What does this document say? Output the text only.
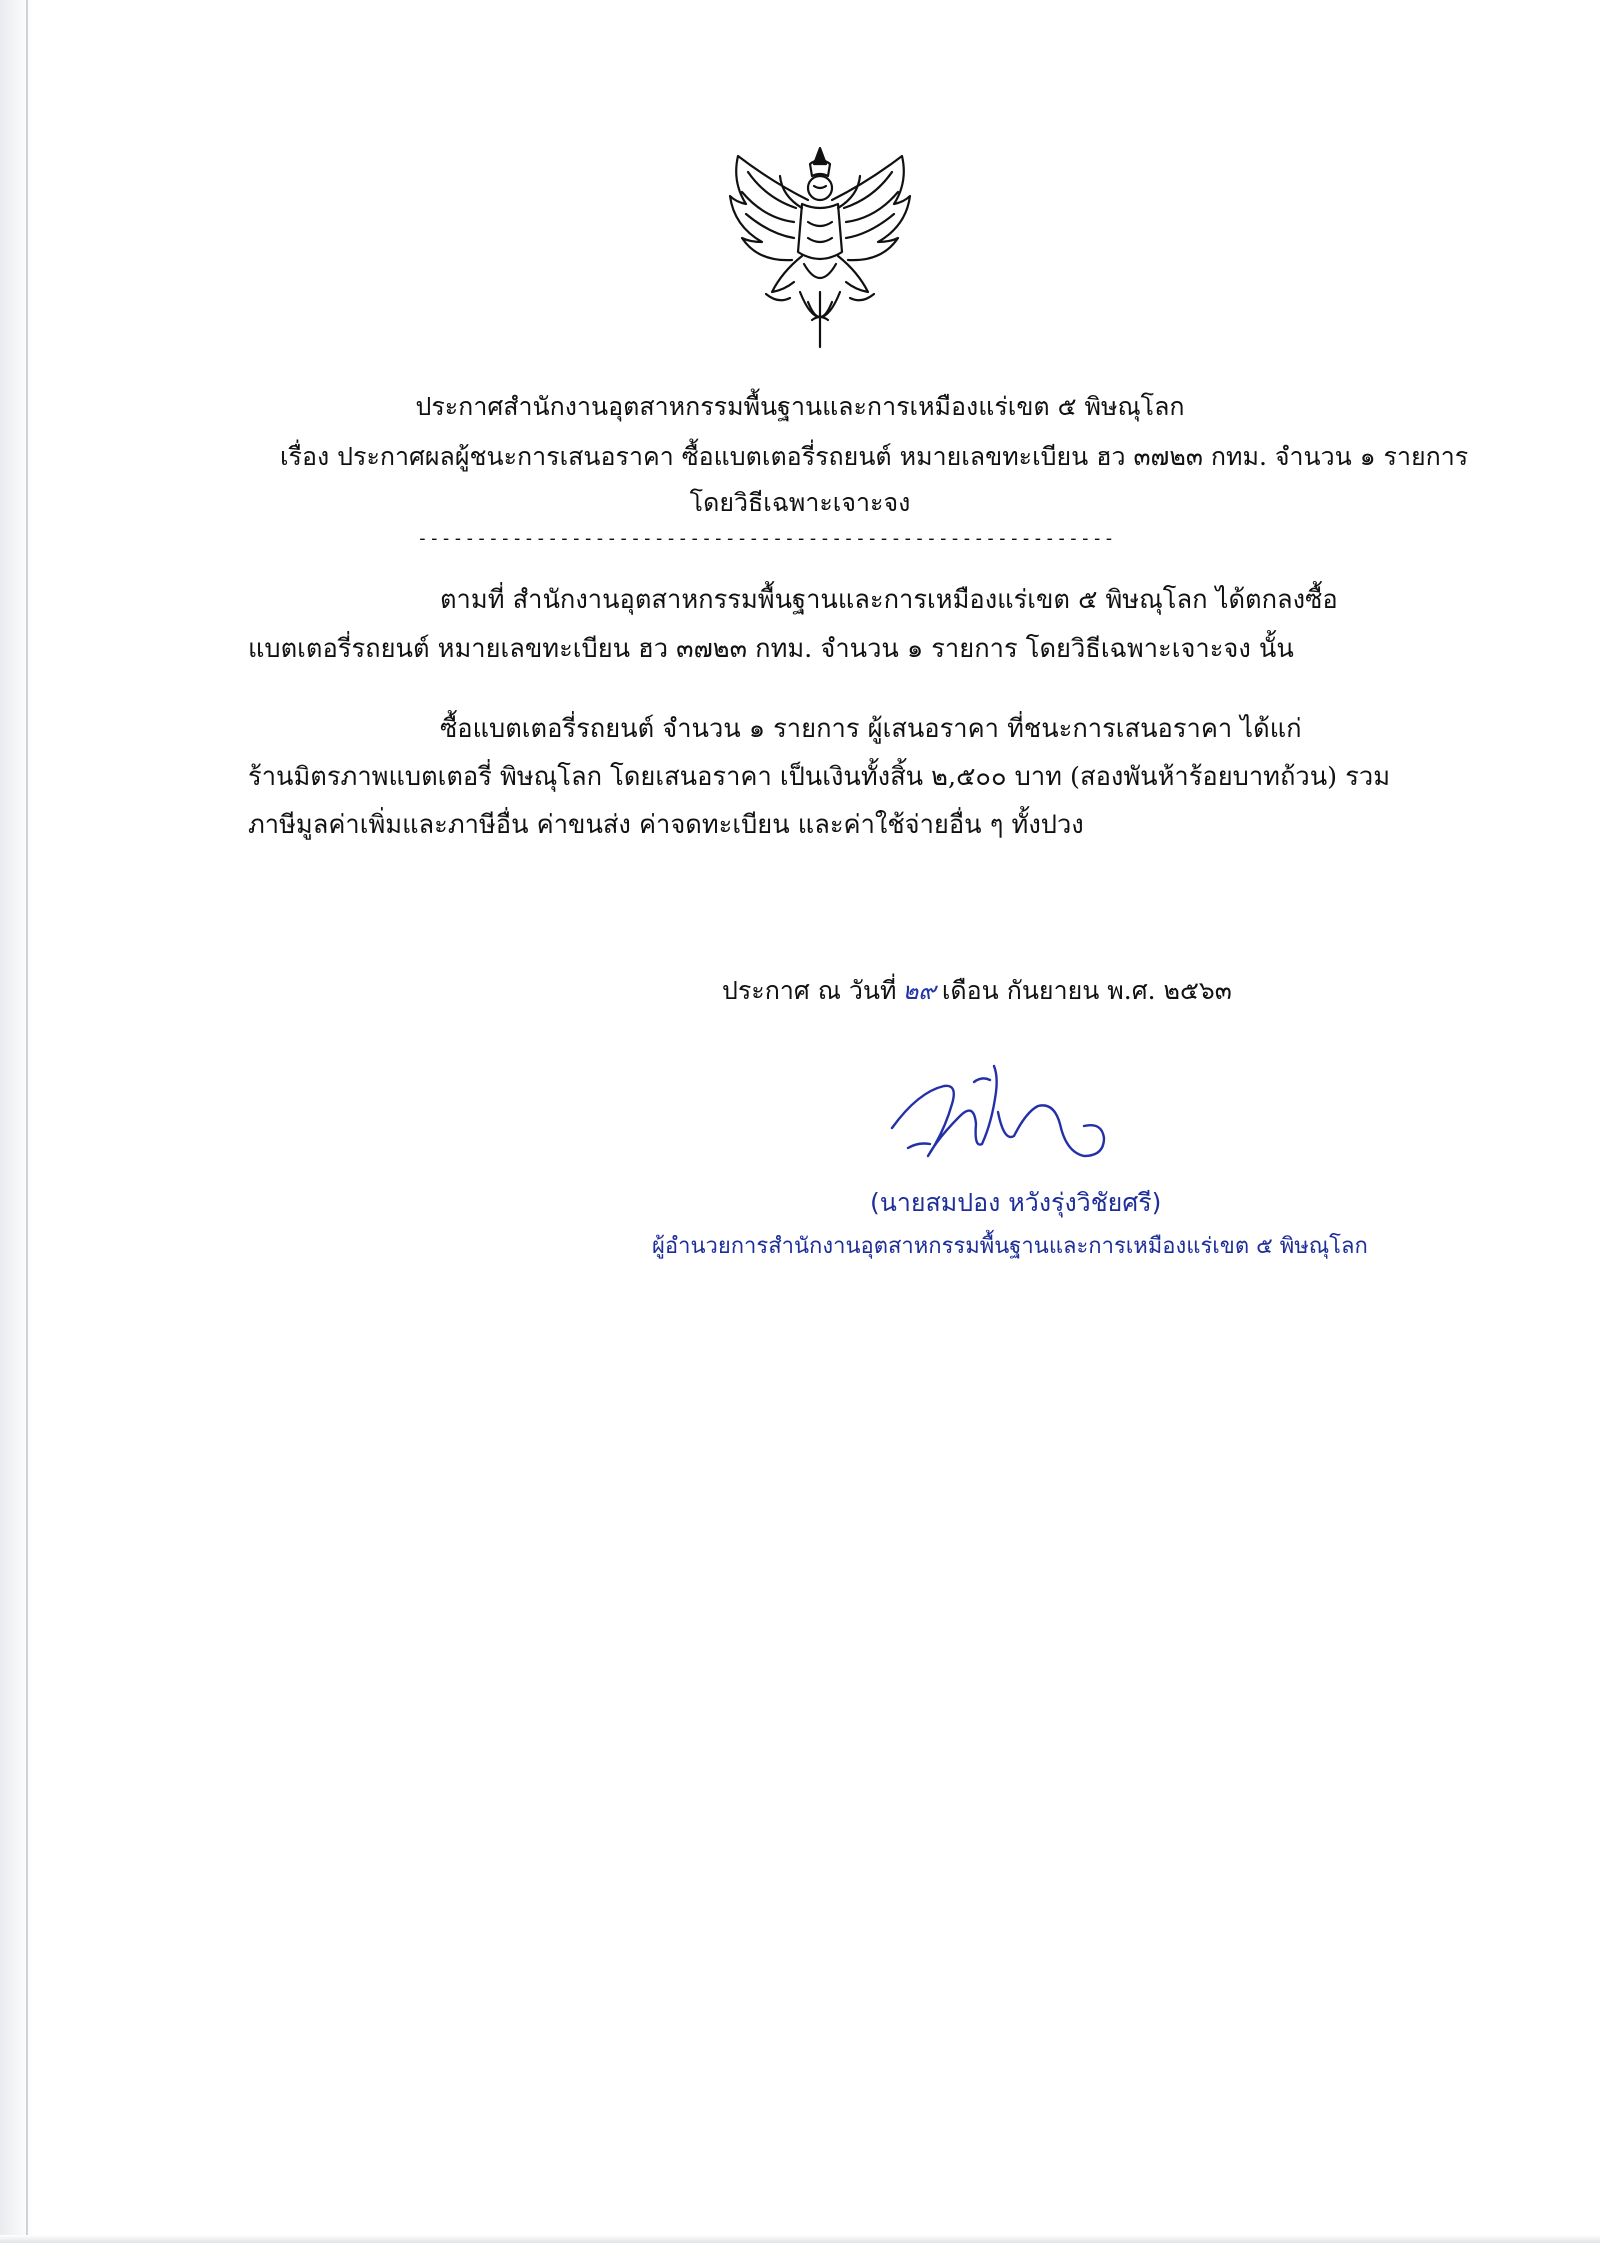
ประกาศสำนักงานอุตสาหกรรมพื้นฐานและการเหมืองแร่เขต ๕ พิษณุโลก
เรื่อง ประกาศผลผู้ชนะการเสนอราคา ซื้อแบตเตอรี่รถยนต์ หมายเลขทะเบียน ฮว ๓๗๒๓ กทม. จำนวน ๑ รายการ
โดยวิธีเฉพาะเจาะจง
-----------------------------------------------------------
ตามที่ สำนักงานอุตสาหกรรมพื้นฐานและการเหมืองแร่เขต ๕ พิษณุโลก ได้ตกลงซื้อ
แบตเตอรี่รถยนต์ หมายเลขทะเบียน ฮว ๓๗๒๓ กทม. จำนวน ๑ รายการ โดยวิธีเฉพาะเจาะจง นั้น
ซื้อแบตเตอรี่รถยนต์ จำนวน ๑ รายการ ผู้เสนอราคา ที่ชนะการเสนอราคา ได้แก่
ร้านมิตรภาพแบตเตอรี่ พิษณุโลก โดยเสนอราคา เป็นเงินทั้งสิ้น ๒,๕๐๐ บาท (สองพันห้าร้อยบาทถ้วน) รวม
ภาษีมูลค่าเพิ่มและภาษีอื่น ค่าขนส่ง ค่าจดทะเบียน และค่าใช้จ่ายอื่น ๆ ทั้งปวง
ประกาศ ณ วันที่ ๒๙ เดือน กันยายน พ.ศ. ๒๕๖๓
(นายสมปอง หวังรุ่งวิชัยศรี)
ผู้อำนวยการสำนักงานอุตสาหกรรมพื้นฐานและการเหมืองแร่เขต ๕ พิษณุโลก
